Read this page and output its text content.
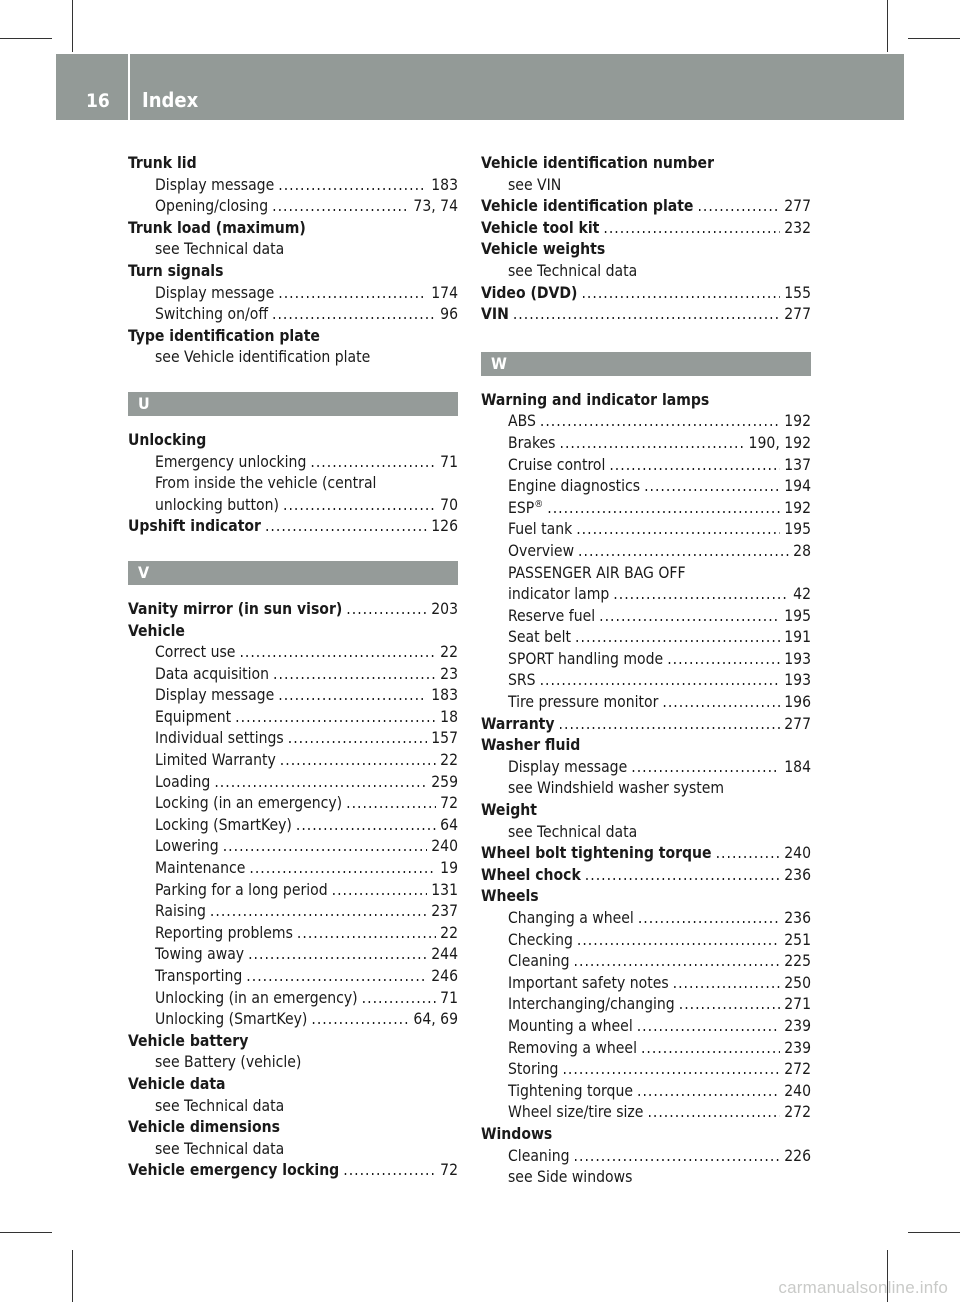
16 Index
Trunk lid
Display message .....	183
Opening/closing .....	73, 74
Trunk load (maximum)
see Technical data
Turn signals
Display message .....	174
Switching on/off .....	96
Type identification plate
see Vehicle identification plate
U
Unlocking
Emergency unlocking .....	71
From inside the vehicle (central
unlocking button) .....	70
Upshift indicator .....	126
V
Vanity mirror (in sun visor) .....	203
Vehicle
Correct use .....	22
Data acquisition .....	23
Display message .....	183
Equipment .....	18
Individual settings .....	157
Limited Warranty .....	22
Loading .....	259
Locking (in an emergency) .....	72
Locking (SmartKey) .....	64
Lowering .....	240
Maintenance .....	19
Parking for a long period .....	131
Raising .....	237
Reporting problems .....	22
Towing away .....	244
Transporting .....	246
Unlocking (in an emergency) .....	71
Unlocking (SmartKey) .....	64, 69
Vehicle battery
see Battery (vehicle)
Vehicle data
see Technical data
Vehicle dimensions
see Technical data
Vehicle emergency locking .....	72
Vehicle identification number
see VIN
Vehicle identification plate .....	277
Vehicle tool kit .....	232
Vehicle weights
see Technical data
Video (DVD) .....	155
VIN .....	277
W
Warning and indicator lamps
ABS .....	192
Brakes .....	190, 192
Cruise control .....	137
Engine diagnostics .....	194
ESP® .....	192
Fuel tank .....	195
Overview .....	28
PASSENGER AIR BAG OFF
indicator lamp .....	42
Reserve fuel .....	195
Seat belt .....	191
SPORT handling mode .....	193
SRS .....	193
Tire pressure monitor .....	196
Warranty .....	277
Washer fluid
Display message .....	184
see Windshield washer system
Weight
see Technical data
Wheel bolt tightening torque .....	240
Wheel chock .....	236
Wheels
Changing a wheel .....	236
Checking .....	251
Cleaning .....	225
Important safety notes .....	250
Interchanging/changing .....	271
Mounting a wheel .....	239
Removing a wheel .....	239
Storing .....	272
Tightening torque .....	240
Wheel size/tire size .....	272
Windows
Cleaning .....	226
see Side windows
carmanualsonline.info
